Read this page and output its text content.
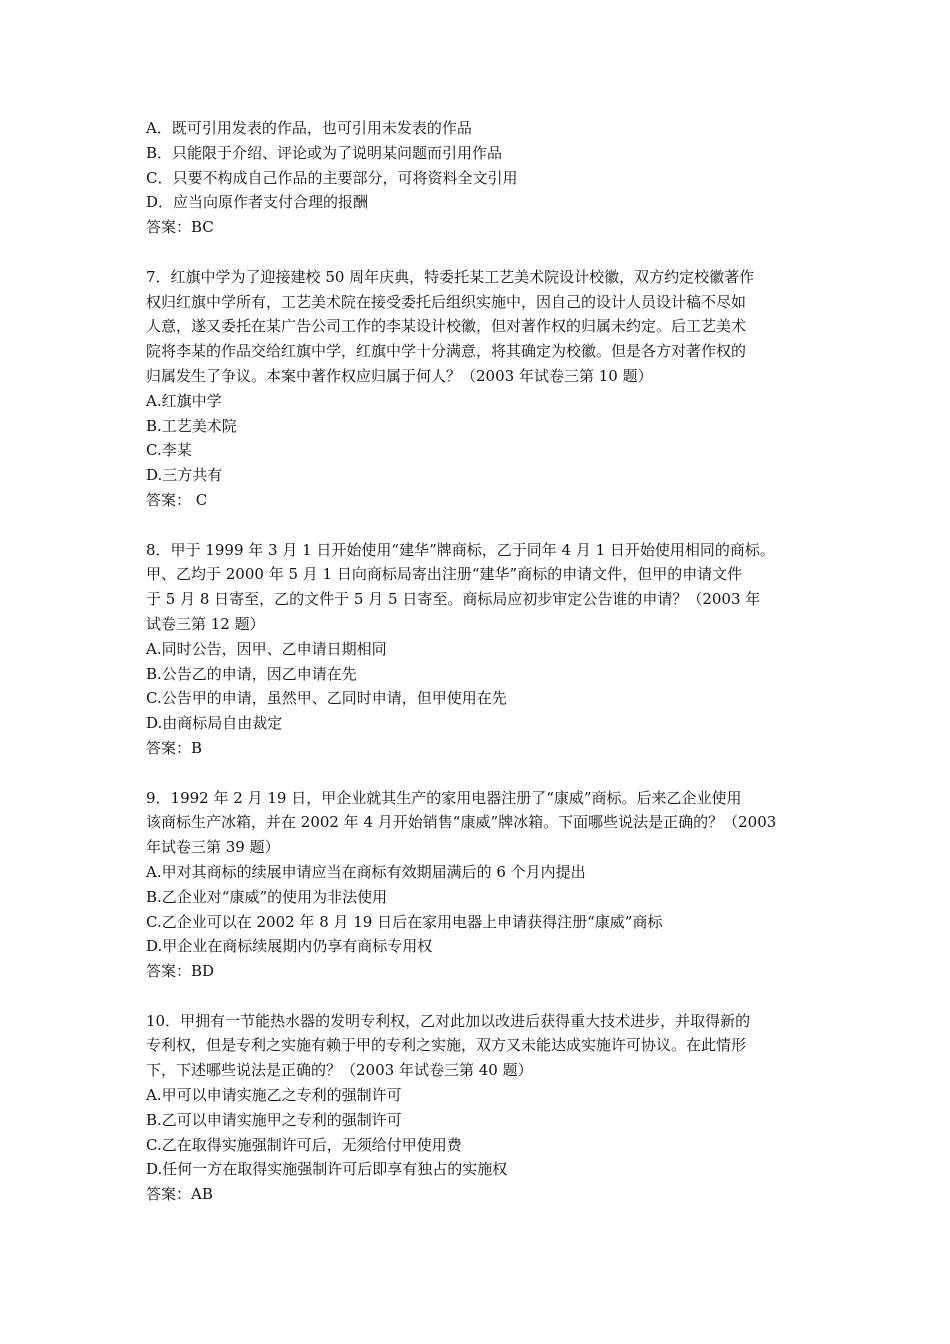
A．既可引用发表的作品，也可引用未发表的作品

B．只能限于介绍、评论或为了说明某问题而引用作品

C．只要不构成自己作品的主要部分，可将资料全文引用

D．应当向原作者支付合理的报酬

答案：BC

7．红旗中学为了迎接建校 50 周年庆典，特委托某工艺美术院设计校徽，双方约定校徽著作

权归红旗中学所有，工艺美术院在接受委托后组织实施中，因自己的设计人员设计稿不尽如

人意，遂又委托在某广告公司工作的李某设计校徽，但对著作权的归属未约定。后工艺美术

院将李某的作品交给红旗中学，红旗中学十分满意，将其确定为校徽。但是各方对著作权的

归属发生了争议。本案中著作权应归属于何人？（2003 年试卷三第 10 题）

A.红旗中学

B.工艺美术院

C.李某

D.三方共有

答案： C

8．甲于 1999 年 3 月 1 日开始使用“建华”牌商标，乙于同年 4 月 1 日开始使用相同的商标。

甲、乙均于 2000 年 5 月 1 日向商标局寄出注册“建华”商标的申请文件，但甲的申请文件

于 5 月 8 日寄至，乙的文件于 5 月 5 日寄至。商标局应初步审定公告谁的申请？（2003 年

试卷三第 12 题）

A.同时公告，因甲、乙申请日期相同

B.公告乙的申请，因乙申请在先

C.公告甲的申请，虽然甲、乙同时申请，但甲使用在先

D.由商标局自由裁定

答案：B

9．1992 年 2 月 19 日，甲企业就其生产的家用电器注册了“康威”商标。后来乙企业使用

该商标生产冰箱，并在 2002 年 4 月开始销售“康威”牌冰箱。下面哪些说法是正确的？（2003

年试卷三第 39 题）

A.甲对其商标的续展申请应当在商标有效期届满后的 6 个月内提出

B.乙企业对“康威”的使用为非法使用

C.乙企业可以在 2002 年 8 月 19 日后在家用电器上申请获得注册“康威”商标

D.甲企业在商标续展期内仍享有商标专用权

答案：BD

10．甲拥有一节能热水器的发明专利权，乙对此加以改进后获得重大技术进步，并取得新的

专利权，但是专利之实施有赖于甲的专利之实施，双方又未能达成实施许可协议。在此情形

下，下述哪些说法是正确的？（2003 年试卷三第 40 题）

A.甲可以申请实施乙之专利的强制许可

B.乙可以申请实施甲之专利的强制许可

C.乙在取得实施强制许可后，无须给付甲使用费

D.任何一方在取得实施强制许可后即享有独占的实施权

答案：AB
